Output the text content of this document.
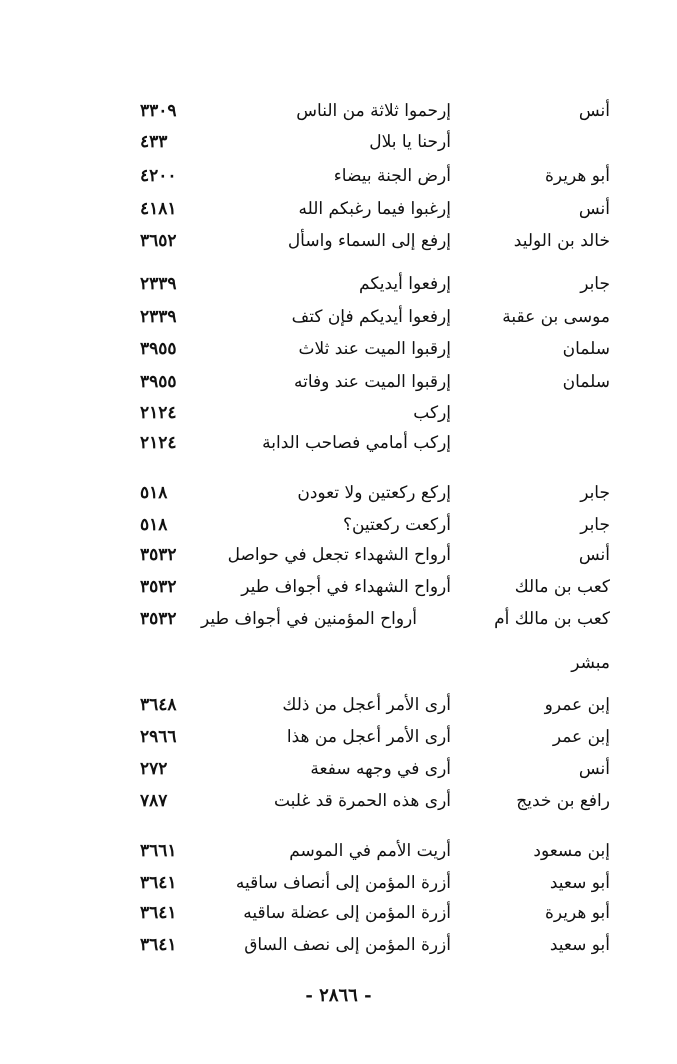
أنس
إرحموا ثلاثة من الناس
٣٣٠٩
أرحنا يا بلال
٤٣٣
أبو هريرة
أرض الجنة بيضاء
٤٢٠٠
أنس
إرغبوا فيما رغبكم الله
٤١٨١
خالد بن الوليد
إرفع إلى السماء واسأل
٣٦٥٢
جابر
إرفعوا أيديكم
٢٣٣٩
موسى بن عقبة
إرفعوا أيديكم فإن كتف
٢٣٣٩
سلمان
إرقبوا الميت عند ثلاث
٣٩٥٥
سلمان
إرقبوا الميت عند وفاته
٣٩٥٥
إركب
٢١٢٤
إركب أمامي فصاحب الدابة
٢١٢٤
جابر
إركع ركعتين ولا تعودن
٥١٨
جابر
أركعت ركعتين؟
٥١٨
أنس
أرواح الشهداء تجعل في حواصل
٣٥٣٢
كعب بن مالك
أرواح الشهداء في أجواف طير
٣٥٣٢
كعب بن مالك أم
أرواح المؤمنين في أجواف طير
٣٥٣٢
مبشر
إبن عمرو
أرى الأمر أعجل من ذلك
٣٦٤٨
إبن عمر
أرى الأمر أعجل من هذا
٢٩٦٦
أنس
أرى في وجهه سفعة
٢٧٢
رافع بن خديج
أرى هذه الحمرة قد غلبت
٧٨٧
إبن مسعود
أريت الأمم في الموسم
٣٦٦١
أبو سعيد
أزرة المؤمن إلى أنصاف ساقيه
٣٦٤١
أبو هريرة
أزرة المؤمن إلى عضلة ساقيه
٣٦٤١
أبو سعيد
أزرة المؤمن إلى نصف الساق
٣٦٤١
- ٢٨٦٦ -
